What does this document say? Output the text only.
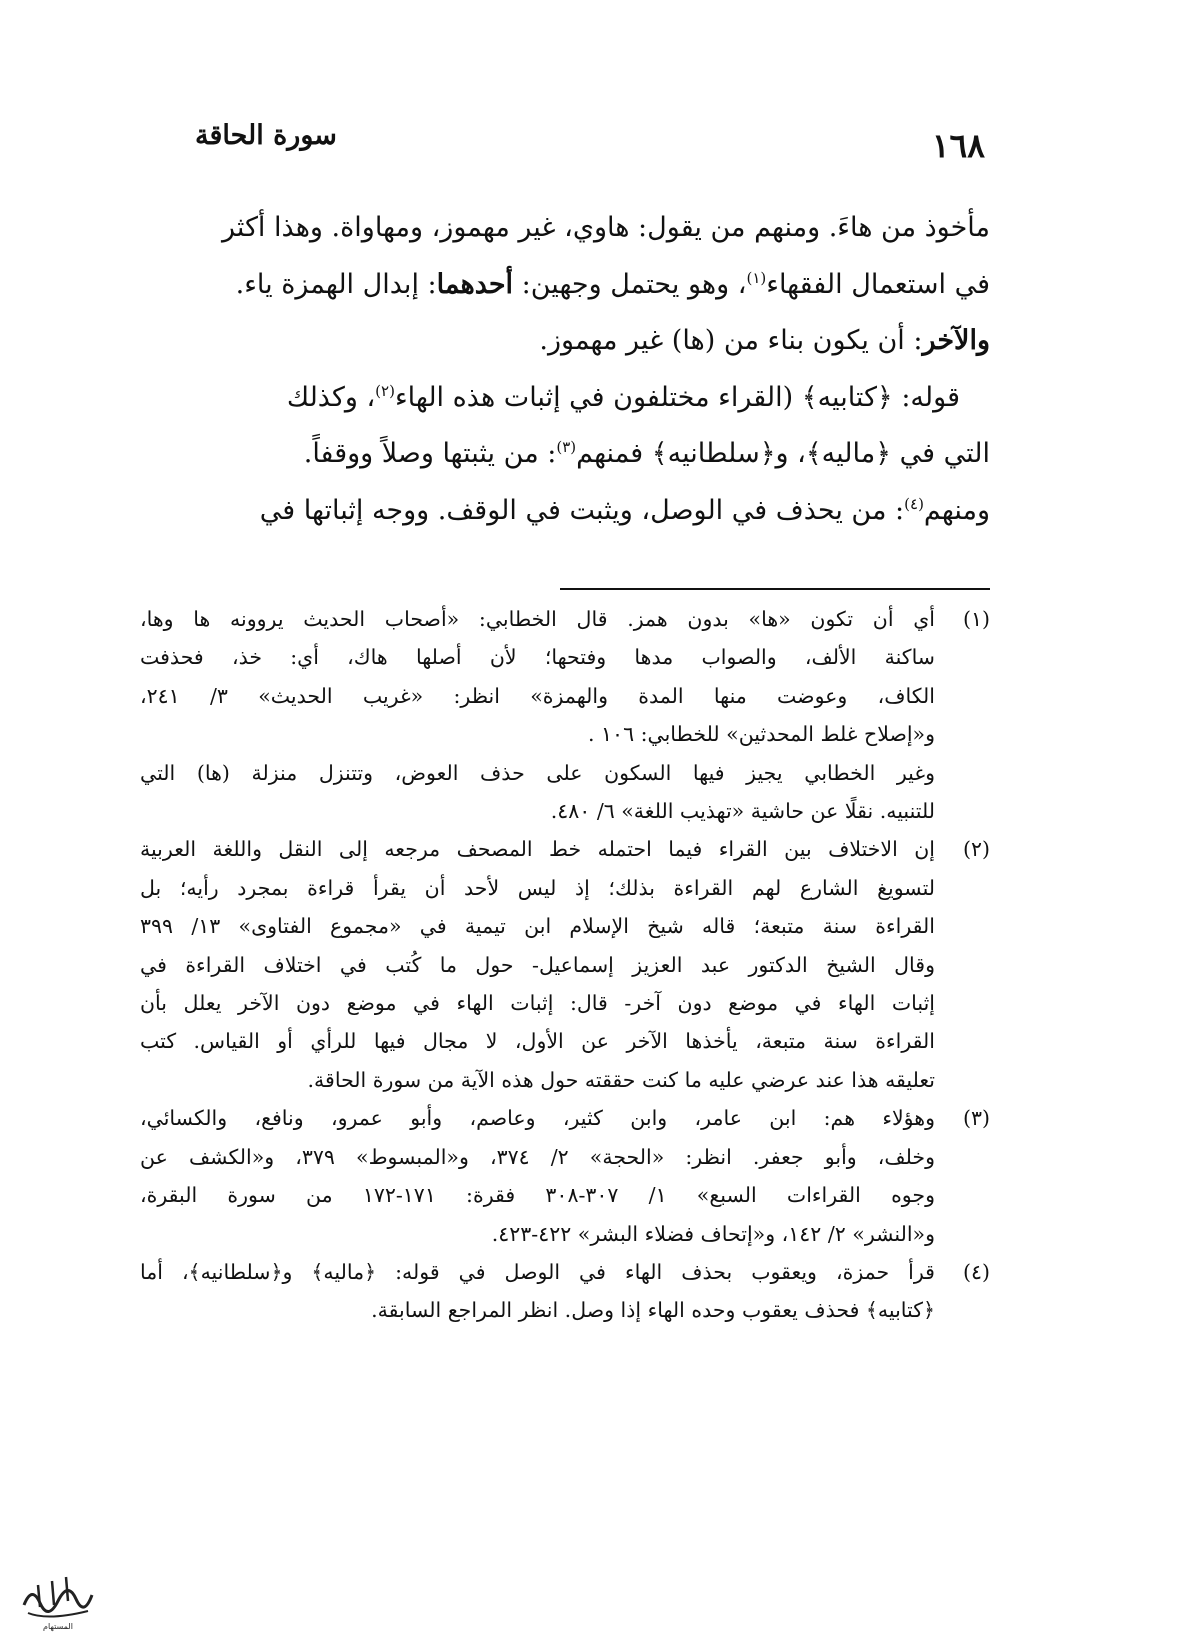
١٦٨
سورة الحاقة

مأخوذ من هاءَ. ومنهم من يقول: هاوي، غير مهموز، ومهاواة. وهذا أكثر

في استعمال الفقهاء$^{(١)}$، وهو يحتمل وجهين: أحدهما: إبدال الهمزة ياء.

والآخر: أن يكون بناء من (ها) غير مهموز.

قوله: ﴿كتابيه﴾ (القراء مختلفون في إثبات هذه الهاء$^{(٢)}$، وكذلك

التي في ﴿ماليه﴾، و﴿سلطانيه﴾ فمنهم$^{(٣)}$: من يثبتها وصلاً ووقفاً.

ومنهم$^{(٤)}$: من يحذف في الوصل، ويثبت في الوقف. ووجه إثباتها في

(١)
أي أن تكون «ها» بدون همز. قال الخطابي: «أصحاب الحديث يروونه ها وها،
ساكنة الألف، والصواب مدها وفتحها؛ لأن أصلها هاك، أي: خذ، فحذفت
الكاف، وعوضت منها المدة والهمزة» انظر: «غريب الحديث» ٣/ ٢٤١،
و«إصلاح غلط المحدثين» للخطابي: ١٠٦ .
وغير الخطابي يجيز فيها السكون على حذف العوض، وتتنزل منزلة (ها) التي
للتنبيه. نقلًا عن حاشية «تهذيب اللغة» ٦/ ٤٨٠.
(٢)
إن الاختلاف بين القراء فيما احتمله خط المصحف مرجعه إلى النقل واللغة العربية
لتسويغ الشارع لهم القراءة بذلك؛ إذ ليس لأحد أن يقرأ قراءة بمجرد رأيه؛ بل
القراءة سنة متبعة؛ قاله شيخ الإسلام ابن تيمية في «مجموع الفتاوى» ١٣/ ٣٩٩
وقال الشيخ الدكتور عبد العزيز إسماعيل- حول ما كُتب في اختلاف القراءة في
إثبات الهاء في موضع دون آخر- قال: إثبات الهاء في موضع دون الآخر يعلل بأن
القراءة سنة متبعة، يأخذها الآخر عن الأول، لا مجال فيها للرأي أو القياس. كتب
تعليقه هذا عند عرضي عليه ما كنت حققته حول هذه الآية من سورة الحاقة.
(٣)
وهؤلاء هم: ابن عامر، وابن كثير، وعاصم، وأبو عمرو، ونافع، والكسائي،
وخلف، وأبو جعفر. انظر: «الحجة» ٢/ ٣٧٤، و«المبسوط» ٣٧٩، و«الكشف عن
وجوه القراءات السبع» ١/ ٣٠٧-٣٠٨ فقرة: ١٧١-١٧٢ من سورة البقرة،
و«النشر» ٢/ ١٤٢، و«إتحاف فضلاء البشر» ٤٢٢-٤٢٣.
(٤)
قرأ حمزة، ويعقوب بحذف الهاء في الوصل في قوله: ﴿ماليه﴾ و﴿سلطانيه﴾، أما
﴿كتابيه﴾ فحذف يعقوب وحده الهاء إذا وصل. انظر المراجع السابقة.
المستهام
